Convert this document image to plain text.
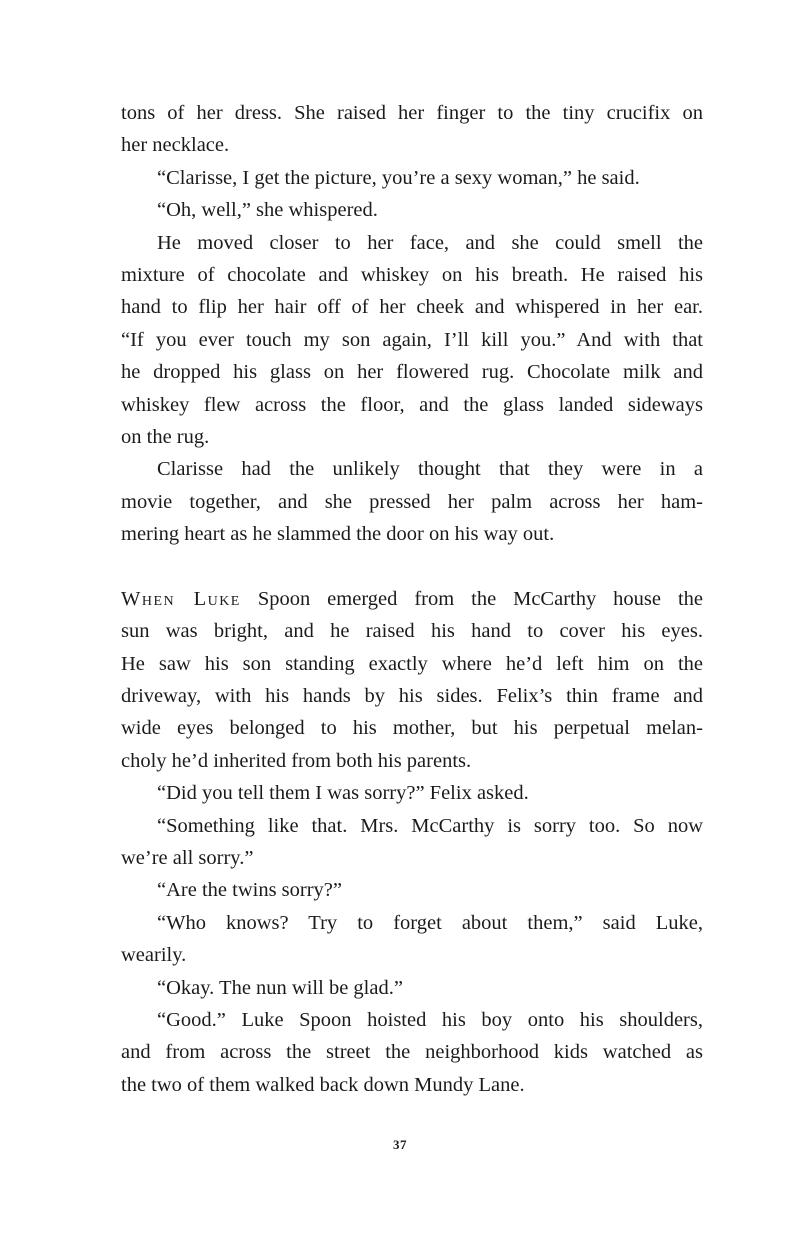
tons of her dress. She raised her finger to the tiny crucifix on
her necklace.
“Clarisse, I get the picture, you’re a sexy woman,” he said.
“Oh, well,” she whispered.
He moved closer to her face, and she could smell the
mixture of chocolate and whiskey on his breath. He raised his
hand to flip her hair off of her cheek and whispered in her ear.
“If you ever touch my son again, I’ll kill you.” And with that
he dropped his glass on her flowered rug. Chocolate milk and
whiskey flew across the floor, and the glass landed sideways
on the rug.
Clarisse had the unlikely thought that they were in a
movie together, and she pressed her palm across her ham-
mering heart as he slammed the door on his way out.
When Luke Spoon emerged from the McCarthy house the
sun was bright, and he raised his hand to cover his eyes.
He saw his son standing exactly where he’d left him on the
driveway, with his hands by his sides. Felix’s thin frame and
wide eyes belonged to his mother, but his perpetual melan-
choly he’d inherited from both his parents.
“Did you tell them I was sorry?” Felix asked.
“Something like that. Mrs. McCarthy is sorry too. So now
we’re all sorry.”
“Are the twins sorry?”
“Who knows? Try to forget about them,” said Luke,
wearily.
“Okay. The nun will be glad.”
“Good.” Luke Spoon hoisted his boy onto his shoulders,
and from across the street the neighborhood kids watched as
the two of them walked back down Mundy Lane.
37
